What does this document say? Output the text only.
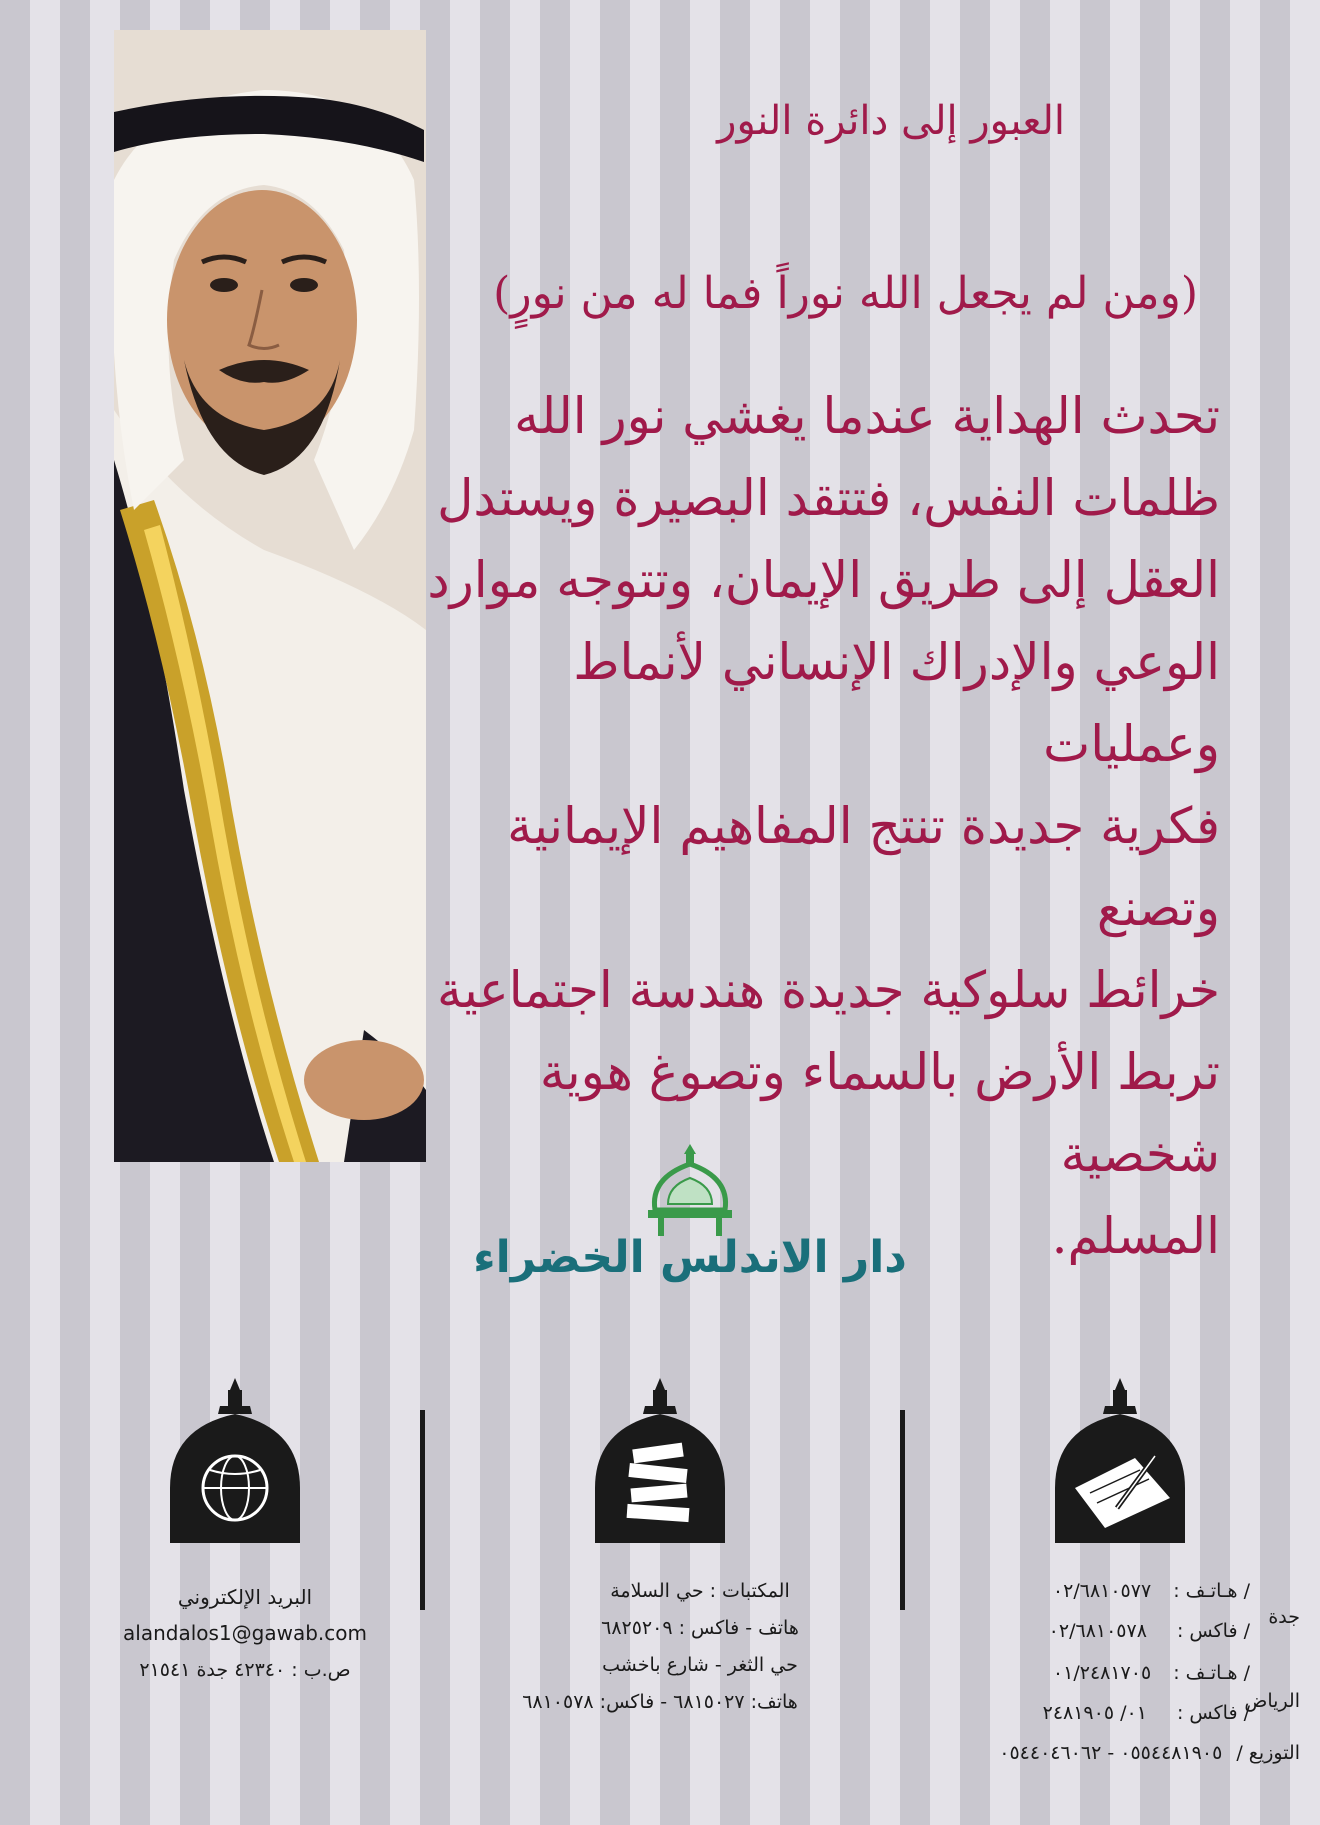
العبور إلى دائرة النور
(ومن لم يجعل الله نوراً فما له من نورٍ)
تحدث الهداية عندما يغشي نور الله
ظلمات النفس، فتتقد البصيرة ويستدل
العقل إلى طريق الإيمان، وتتوجه موارد
الوعي والإدراك الإنساني لأنماط وعمليات
فكرية جديدة تنتج المفاهيم الإيمانية وتصنع
خرائط سلوكية جديدة هندسة اجتماعية
تربط الأرض بالسماء وتصوغ هوية شخصية
المسلم.
دار الاندلس الخضراء
البريد الإلكتروني
alandalos1@gawab.com
ص.ب : ٤٢٣٤٠ جدة ٢١٥٤١
المكتبات : حي السلامة
هاتف - فاكس : ٦٨٢٥٢٠٩
حي الثغر - شارع باخشب
هاتف: ٦٨١٥٠٢٧ - فاكس: ٦٨١٠٥٧٨
جدة
الرياض
/ هـاتـف : ٠٢/٦٨١٠٥٧٧
/ فاكس : ٠٢/٦٨١٠٥٧٨
/ هـاتـف : ٠١/٢٤٨١٧٠٥
/ فاكس : ٠١/ ٢٤٨١٩٠٥
التوزيع / ٠٥٥٤٤٨١٩٠٥ - ٠٥٤٤٠٤٦٠٦٢
